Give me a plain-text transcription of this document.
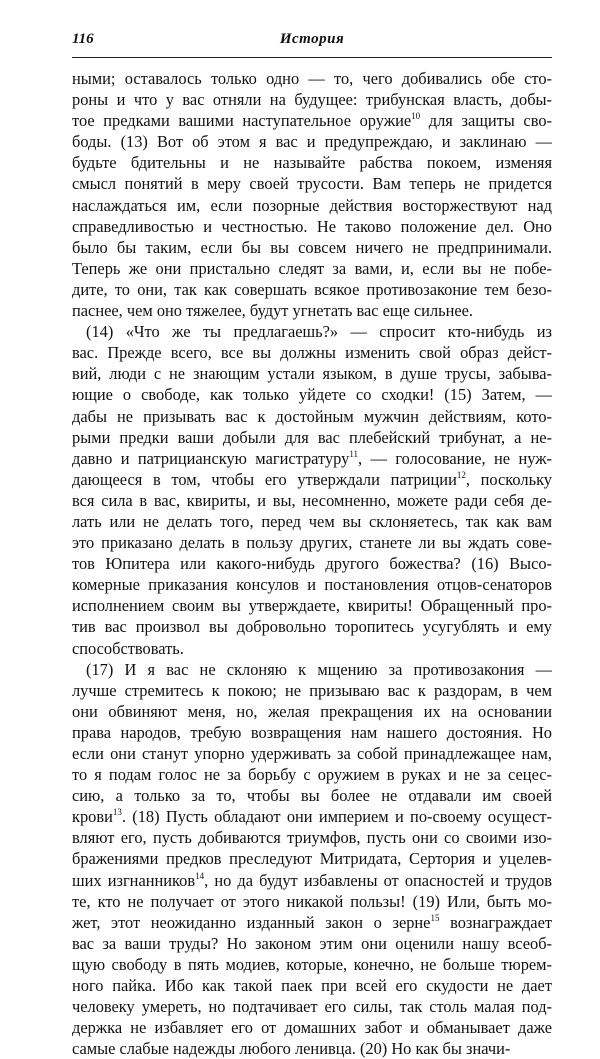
116	История
ными; оставалось только одно — то, чего добивались обе сто-
роны и что у вас отняли на будущее: трибунская власть, добы-
тое предками вашими наступательное оружие$^{10}$ для защиты сво-
боды. (13) Вот об этом я вас и предупреждаю, и заклинаю —
будьте бдительны и не называйте рабства покоем, изменяя
смысл понятий в меру своей трусости. Вам теперь не придется
наслаждаться им, если позорные действия восторжествуют над
справедливостью и честностью. Не таково положение дел. Оно
было бы таким, если бы вы совсем ничего не предпринимали.
Теперь же они пристально следят за вами, и, если вы не побе-
дите, то они, так как совершать всякое противозаконие тем безо-
паснее, чем оно тяжелее, будут угнетать вас еще сильнее.
(14) «Что же ты предлагаешь?» — спросит кто-нибудь из
вас. Прежде всего, все вы должны изменить свой образ дейст-
вий, люди с не знающим устали языком, в душе трусы, забыва-
ющие о свободе, как только уйдете со сходки! (15) Затем, —
дабы не призывать вас к достойным мужчин действиям, кото-
рыми предки ваши добыли для вас плебейский трибунат, а не-
давно и патрицианскую магистратуру$^{11}$, — голосование, не нуж-
дающееся в том, чтобы его утверждали патриции$^{12}$, поскольку
вся сила в вас, квириты, и вы, несомненно, можете ради себя де-
лать или не делать того, перед чем вы склоняетесь, так как вам
это приказано делать в пользу других, станете ли вы ждать сове-
тов Юпитера или какого-нибудь другого божества? (16) Высо-
комерные приказания консулов и постановления отцов-сенаторов
исполнением своим вы утверждаете, квириты! Обращенный про-
тив вас произвол вы добровольно торопитесь усугублять и ему
способствовать.
(17) И я вас не склоняю к мщению за противозакония —
лучше стремитесь к покою; не призываю вас к раздорам, в чем
они обвиняют меня, но, желая прекращения их на основании
права народов, требую возвращения нам нашего достояния. Но
если они станут упорно удерживать за собой принадлежащее нам,
то я подам голос не за борьбу с оружием в руках и не за сецес-
сию, а только за то, чтобы вы более не отдавали им своей
крови$^{13}$. (18) Пусть обладают они империем и по-своему осущест-
вляют его, пусть добиваются триумфов, пусть они со своими изо-
бражениями предков преследуют Митридата, Сертория и уцелев-
ших изгнанников$^{14}$, но да будут избавлены от опасностей и трудов
те, кто не получает от этого никакой пользы! (19) Или, быть мо-
жет, этот неожиданно изданный закон о зерне$^{15}$ вознаграждает
вас за ваши труды? Но законом этим они оценили нашу всеоб-
щую свободу в пять модиев, которые, конечно, не больше тюрем-
ного пайка. Ибо как такой паек при всей его скудости не дает
человеку умереть, но подтачивает его силы, так столь малая под-
держка не избавляет его от домашних забот и обманывает даже
самые слабые надежды любого ленивца. (20) Но как бы значи-
